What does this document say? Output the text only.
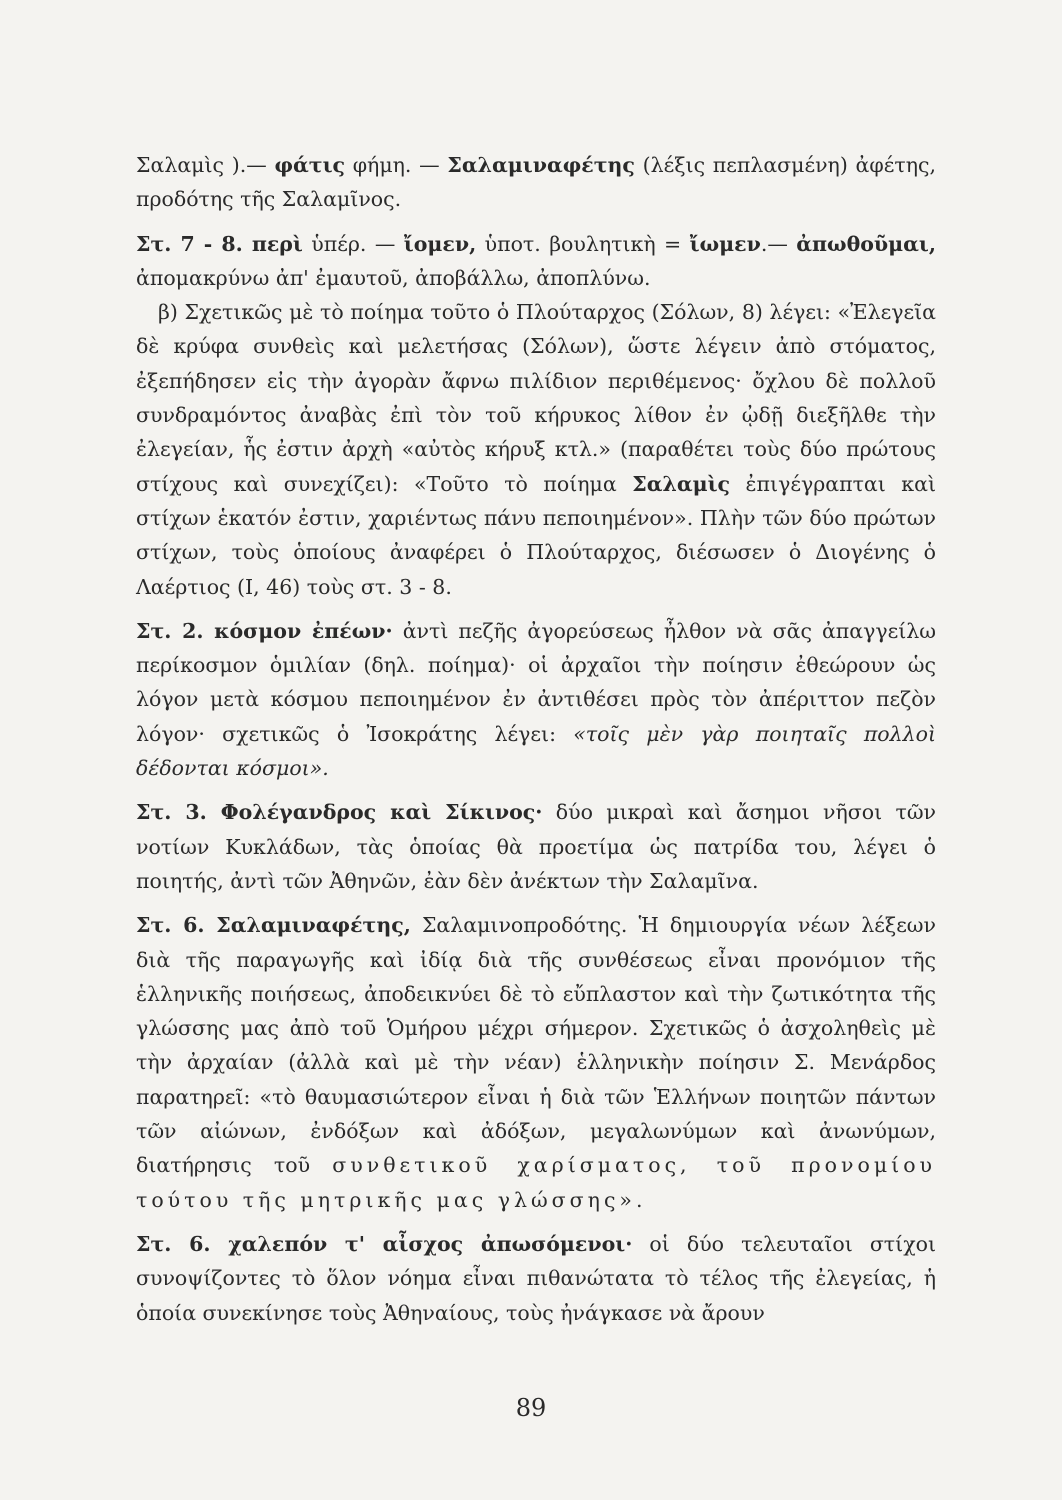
Σαλαμὶς ).— φάτις φήμη. — Σαλαμιναφέτης (λέξις πεπλασμένη) ἀφέτης, προδότης τῆς Σαλαμῖνος.

Στ. 7 - 8. περὶ ὑπέρ. — ἴομεν, ὑποτ. βουλητικὴ = ἴωμεν.— ἀπωθοῦμαι, ἀπομακρύνω ἀπ' ἐμαυτοῦ, ἀποβάλλω, ἀποπλύνω.

β) Σχετικῶς μὲ τὸ ποίημα τοῦτο ὁ Πλούταρχος (Σόλων, 8) λέγει: «Ἐλεγεῖα δὲ κρύφα συνθεὶς καὶ μελετήσας (Σόλων), ὥστε λέγειν ἀπὸ στόματος, ἐξεπήδησεν εἰς τὴν ἀγορὰν ἄφνω πιλίδιον περιθέμενος· ὄχλου δὲ πολλοῦ συνδραμόντος ἀναβὰς ἐπὶ τὸν τοῦ κήρυκος λίθον ἐν ᾠδῇ διεξῆλθε τὴν ἐλεγείαν, ἧς ἐστιν ἀρχὴ «αὐτὸς κήρυξ κτλ.» (παραθέτει τοὺς δύο πρώτους στίχους καὶ συνεχίζει): «Τοῦτο τὸ ποίημα Σαλαμὶς ἐπιγέγραπται καὶ στίχων ἑκατόν ἐστιν, χαριέντως πάνυ πεποιημένον». Πλὴν τῶν δύο πρώτων στίχων, τοὺς ὁποίους ἀναφέρει ὁ Πλούταρχος, διέσωσεν ὁ Διογένης ὁ Λαέρτιος (I, 46) τοὺς στ. 3 - 8.

Στ. 2. κόσμον ἐπέων· ἀντὶ πεζῆς ἀγορεύσεως ἦλθον νὰ σᾶς ἀπαγγείλω περίκοσμον ὁμιλίαν (δηλ. ποίημα)· οἱ ἀρχαῖοι τὴν ποίησιν ἐθεώρουν ὡς λόγον μετὰ κόσμου πεποιημένον ἐν ἀντιθέσει πρὸς τὸν ἀπέριττον πεζὸν λόγον· σχετικῶς ὁ Ἰσοκράτης λέγει: «τοῖς μὲν γὰρ ποιηταῖς πολλοὶ δέδονται κόσμοι».

Στ. 3. Φολέγανδρος καὶ Σίκινος· δύο μικραὶ καὶ ἄσημοι νῆσοι τῶν νοτίων Κυκλάδων, τὰς ὁποίας θὰ προετίμα ὡς πατρίδα του, λέγει ὁ ποιητής, ἀντὶ τῶν Ἀθηνῶν, ἐὰν δὲν ἀνέκτων τὴν Σαλαμῖνα.

Στ. 6. Σαλαμιναφέτης, Σαλαμινοπροδότης. Ἡ δημιουργία νέων λέξεων διὰ τῆς παραγωγῆς καὶ ἰδίᾳ διὰ τῆς συνθέσεως εἶναι προνόμιον τῆς ἑλληνικῆς ποιήσεως, ἀποδεικνύει δὲ τὸ εὔπλαστον καὶ τὴν ζωτικότητα τῆς γλώσσης μας ἀπὸ τοῦ Ὁμήρου μέχρι σήμερον. Σχετικῶς ὁ ἀσχοληθεὶς μὲ τὴν ἀρχαίαν (ἀλλὰ καὶ μὲ τὴν νέαν) ἑλληνικὴν ποίησιν Σ. Μενάρδος παρατηρεῖ: «τὸ θαυμασιώτερον εἶναι ἡ διὰ τῶν Ἑλλήνων ποιητῶν πάντων τῶν αἰώνων, ἐνδόξων καὶ ἀδόξων, μεγαλωνύμων καὶ ἀνωνύμων, διατήρησις τοῦ συνθετικοῦ χαρίσματος, τοῦ προνομίου τούτου τῆς μητρικῆς μας γλώσσης».

Στ. 6. χαλεπόν τ' αἶσχος ἀπωσόμενοι· οἱ δύο τελευταῖοι στίχοι συνοψίζοντες τὸ ὅλον νόημα εἶναι πιθανώτατα τὸ τέλος τῆς ἐλεγείας, ἡ ὁποία συνεκίνησε τοὺς Ἀθηναίους, τοὺς ἠνάγκασε νὰ ἄρουν

89
